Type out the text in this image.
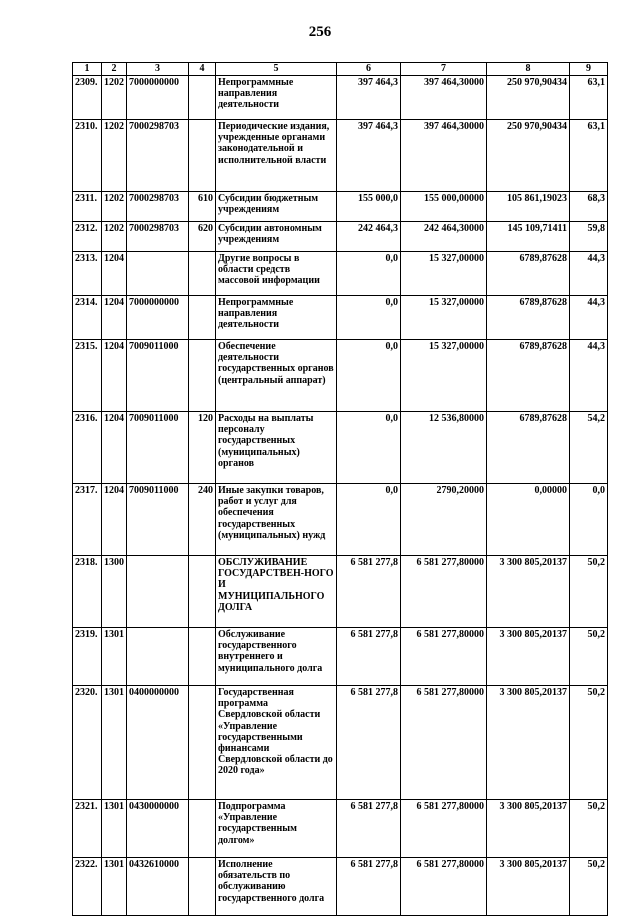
256
1	2	3	4	5	6	7	8	9
2309.	1202	7000000000		Непрограммные направления деятельности	397 464,3	397 464,30000	250 970,90434	63,1
2310.	1202	7000298703		Периодические издания, учрежденные органами законодательной и исполнительной власти	397 464,3	397 464,30000	250 970,90434	63,1
2311.	1202	7000298703	610	Субсидии бюджетным учреждениям	155 000,0	155 000,00000	105 861,19023	68,3
2312.	1202	7000298703	620	Субсидии автономным учреждениям	242 464,3	242 464,30000	145 109,71411	59,8
2313.	1204			Другие вопросы в области средств массовой информации	0,0	15 327,00000	6789,87628	44,3
2314.	1204	7000000000		Непрограммные направления деятельности	0,0	15 327,00000	6789,87628	44,3
2315.	1204	7009011000		Обеспечение деятельности государственных органов (центральный аппарат)	0,0	15 327,00000	6789,87628	44,3
2316.	1204	7009011000	120	Расходы на выплаты персоналу государственных (муниципальных) органов	0,0	12 536,80000	6789,87628	54,2
2317.	1204	7009011000	240	Иные закупки товаров, работ и услуг для обеспечения государственных (муниципальных) нужд	0,0	2790,20000	0,00000	0,0
2318.	1300			ОБСЛУЖИВАНИЕ ГОСУДАРСТВЕН-НОГО И МУНИЦИПАЛЬНОГО ДОЛГА	6 581 277,8	6 581 277,80000	3 300 805,20137	50,2
2319.	1301			Обслуживание государственного внутреннего и муниципального долга	6 581 277,8	6 581 277,80000	3 300 805,20137	50,2
2320.	1301	0400000000		Государственная программа Свердловской области «Управление государственными финансами Свердловской области до 2020 года»	6 581 277,8	6 581 277,80000	3 300 805,20137	50,2
2321.	1301	0430000000		Подпрограмма «Управление государственным долгом»	6 581 277,8	6 581 277,80000	3 300 805,20137	50,2
2322.	1301	0432610000		Исполнение обязательств по обслуживанию государственного долга	6 581 277,8	6 581 277,80000	3 300 805,20137	50,2
